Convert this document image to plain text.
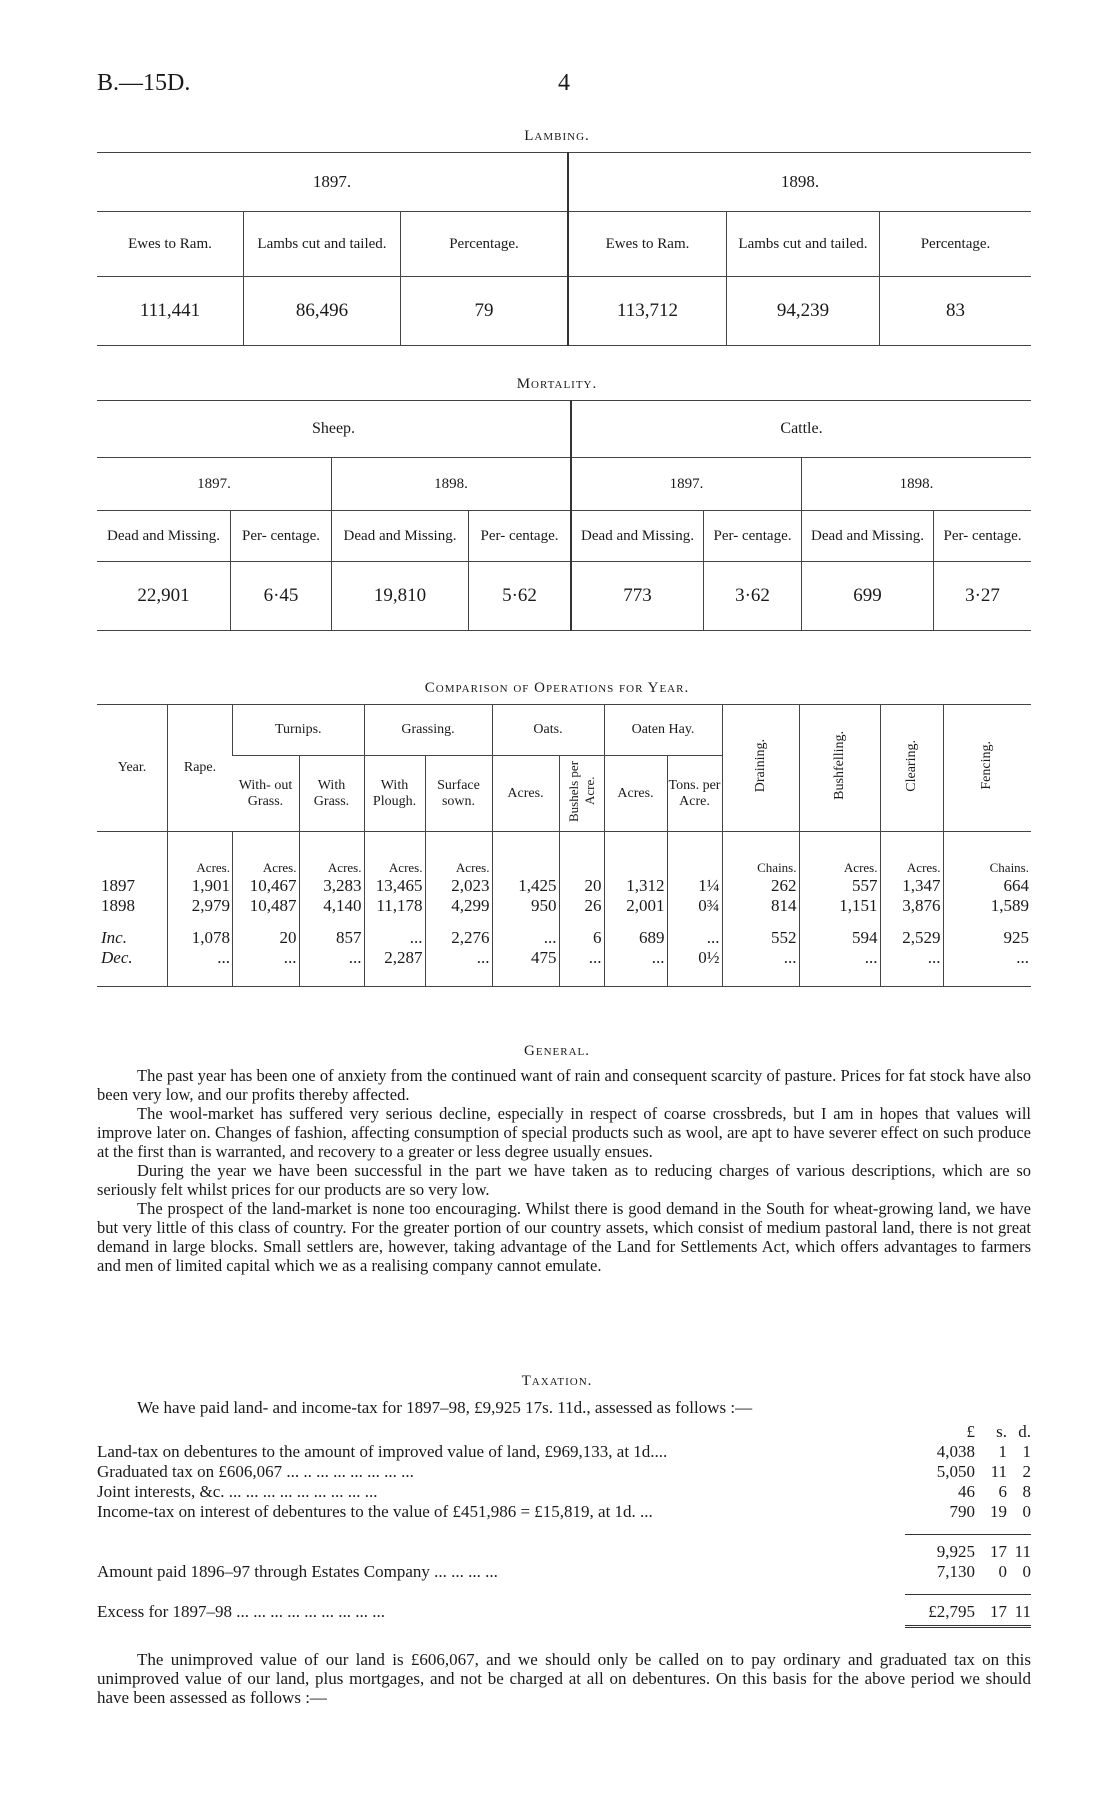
B.—15D.	4
Lambing.
1897.			1898.		
Ewes to Ram.	Lambs cut and tailed.	Percentage.	Ewes to Ram.	Lambs cut and tailed.	Percentage.
111,441	86,496	79	113,712	94,239	83
Mortality.
Sheep.				Cattle.			
1897.		1898.		1897.		1898.	
Dead and Missing.	Per- centage.	Dead and Missing.	Per- centage.	Dead and Missing.	Per- centage.	Dead and Missing.	Per- centage.
22,901	6·45	19,810	5·62	773	3·62	699	3·27
Comparison of Operations for Year.
Year.	Rape.	Turnips.		Grassing.		Oats.		Oaten Hay.		Draining.	Bushfelling.	Clearing.	Fencing.
		With- out Grass.	With Grass.	With Plough.	Surface sown.	Acres.	Bushels per Acre.	Acres.	Tons. per Acre.				
	Acres.	Acres.	Acres.	Acres.	Acres.					Chains.	Acres.	Acres.	Chains.
1897	1,901	10,467	3,283	13,465	2,023	1,425	20	1,312	1¼	262	557	1,347	664
1898	2,979	10,487	4,140	11,178	4,299	950	26	2,001	0¾	814	1,151	3,876	1,589
Inc.	1,078	20	857	...	2,276	...	6	689	...	552	594	2,529	925
Dec.	...	...	...	2,287	...	475	...	...	0½	...	...	...	...
General.

The past year has been one of anxiety from the continued want of rain and consequent scarcity of pasture. Prices for fat stock have also been very low, and our profits thereby affected.

The wool-market has suffered very serious decline, especially in respect of coarse crossbreds, but I am in hopes that values will improve later on. Changes of fashion, affecting consumption of special products such as wool, are apt to have severer effect on such produce at the first than is warranted, and recovery to a greater or less degree usually ensues.

During the year we have been successful in the part we have taken as to reducing charges of various descriptions, which are so seriously felt whilst prices for our products are so very low.

The prospect of the land-market is none too encouraging. Whilst there is good demand in the South for wheat-growing land, we have but very little of this class of country. For the greater portion of our country assets, which consist of medium pastoral land, there is not great demand in large blocks. Small settlers are, however, taking advantage of the Land for Settlements Act, which offers advantages to farmers and men of limited capital which we as a realising company cannot emulate.

Taxation.

We have paid land- and income-tax for 1897–98, £9,925 17s. 11d., assessed as follows :—

£	s. d.
Land-tax on debentures to the amount of improved value of land, £969,133, at 1d....	4,038	1 1
Graduated tax on £606,067 ... .. ... ... ... ... ... ...	5,050 11 2
Joint interests, &c. ... ... ... ... ... ... ... ... ...	46	6 8
Income-tax on interest of debentures to the value of £451,986 = £15,819, at 1d. ...	790 19 0
9,925 17 11
Amount paid 1896–97 through Estates Company ... ... ... ...	7,130	0 0
Excess for 1897–98 ... ... ... ... ... ... ... ... ...	£2,795 17 11

The unimproved value of our land is £606,067, and we should only be called on to pay ordinary and graduated tax on this unimproved value of our land, plus mortgages, and not be charged at all on debentures. On this basis for the above period we should have been assessed as follows :—
